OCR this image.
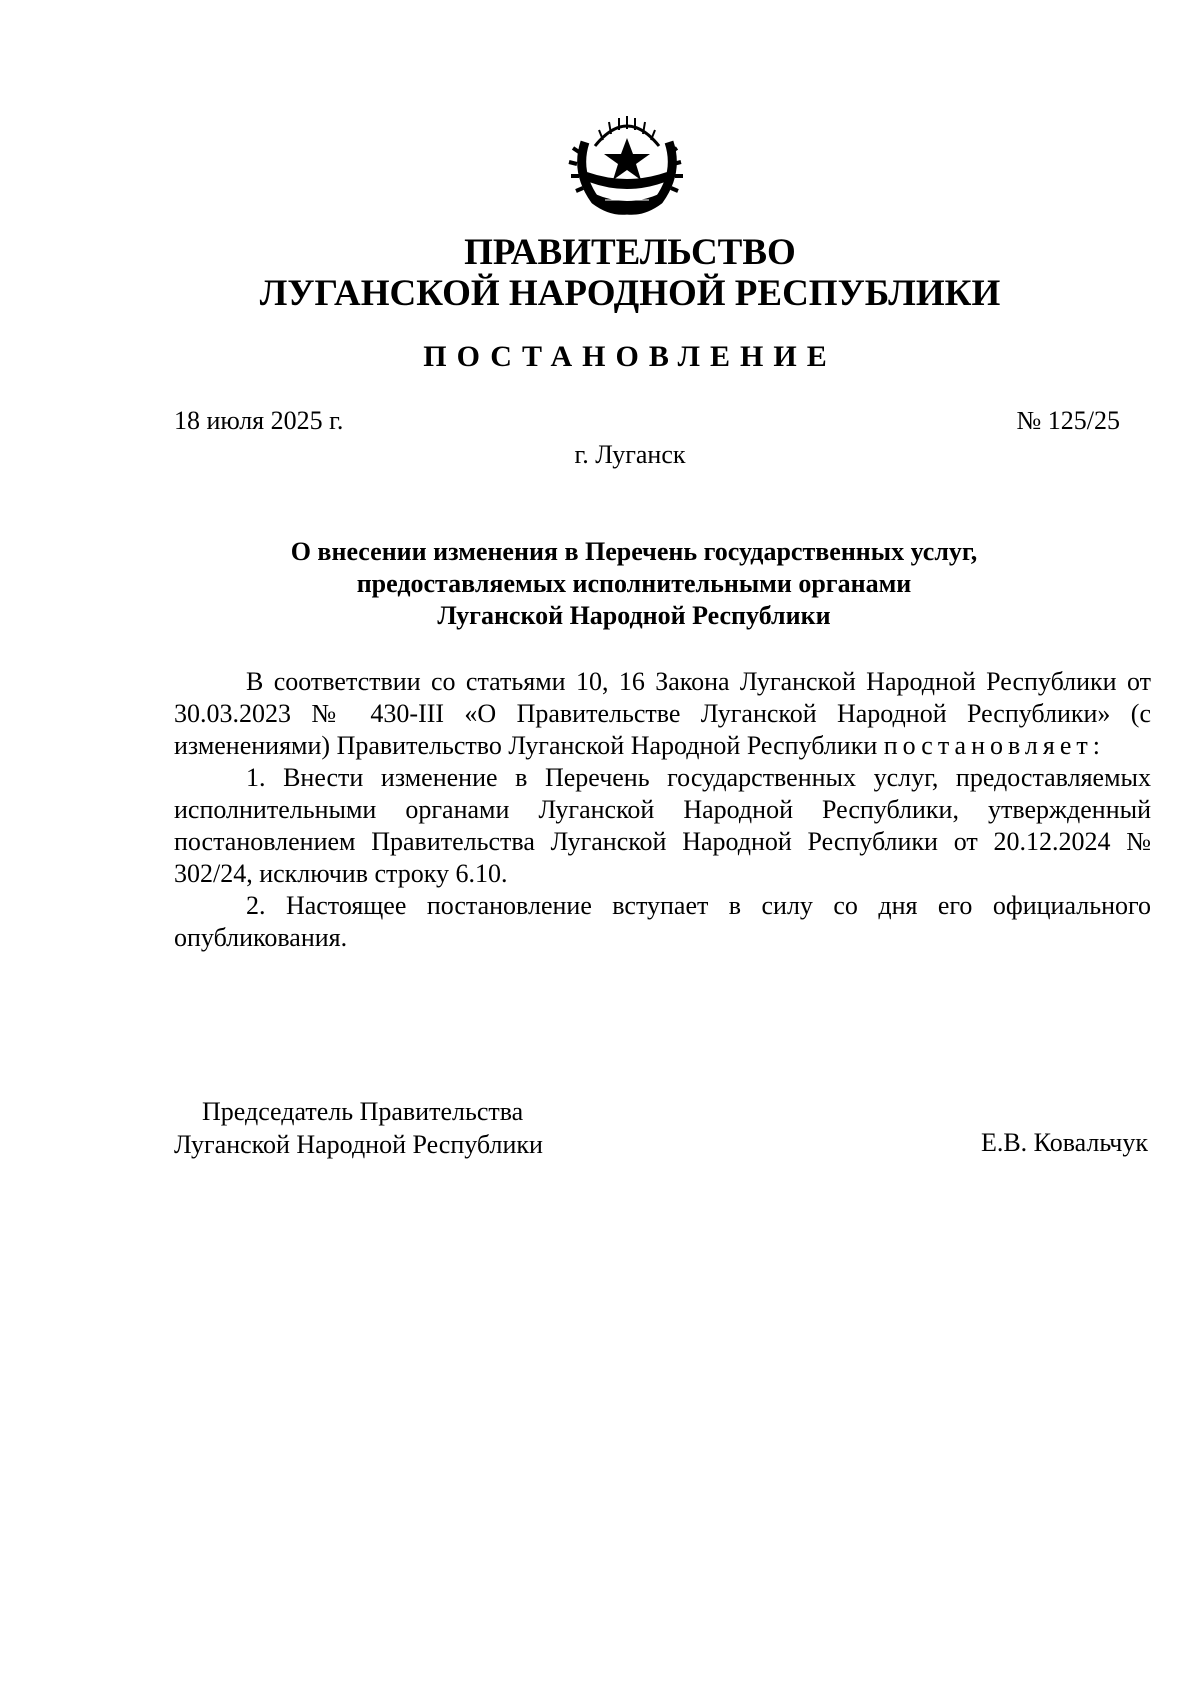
ПРАВИТЕЛЬСТВО
ЛУГАНСКОЙ НАРОДНОЙ РЕСПУБЛИКИ
ПОСТАНОВЛЕНИЕ
18 июля 2025 г.	№ 125/25
г. Луганск
О внесении изменения в Перечень государственных услуг,
предоставляемых исполнительными органами
Луганской Народной Республики

В соответствии со статьями 10, 16 Закона Луганской Народной Республики от 30.03.2023 № 430-III «О Правительстве Луганской Народной Республики» (с изменениями) Правительство Луганской Народной Республики постановляет:

1. Внести изменение в Перечень государственных услуг, предоставляемых исполнительными органами Луганской Народной Республики, утвержденный постановлением Правительства Луганской Народной Республики от 20.12.2024 № 302/24, исключив строку 6.10.

2. Настоящее постановление вступает в силу со дня его официального опубликования.

Председатель Правительства
Луганской Народной Республики	Е.В. Ковальчук
